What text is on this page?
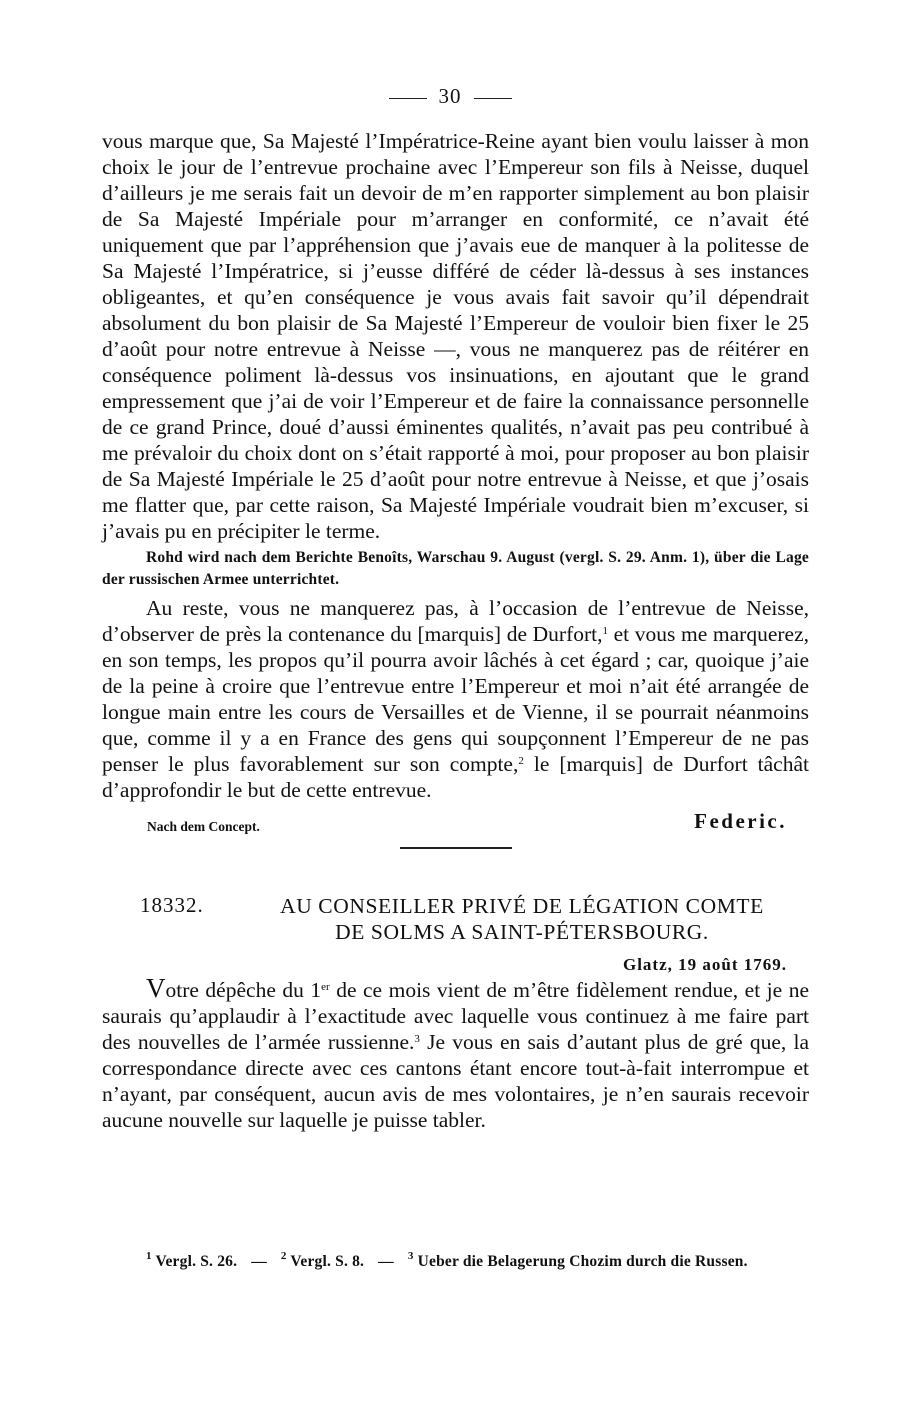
30

vous marque que, Sa Majesté l’Impératrice-Reine ayant bien voulu laisser à mon choix le jour de l’entrevue prochaine avec l’Empereur son fils à Neisse, duquel d’ailleurs je me serais fait un devoir de m’en rapporter simplement au bon plaisir de Sa Majesté Impériale pour m’arranger en conformité, ce n’avait été uniquement que par l’appréhension que j’avais eue de manquer à la politesse de Sa Majesté l’Impératrice, si j’eusse différé de céder là-dessus à ses instances obligeantes, et qu’en conséquence je vous avais fait savoir qu’il dépendrait absolument du bon plaisir de Sa Majesté l’Empereur de vouloir bien fixer le 25 d’août pour notre entrevue à Neisse —, vous ne manquerez pas de réitérer en conséquence poliment là-dessus vos insinuations, en ajoutant que le grand empressement que j’ai de voir l’Empereur et de faire la connaissance personnelle de ce grand Prince, doué d’aussi éminentes qualités, n’avait pas peu contribué à me prévaloir du choix dont on s’était rapporté à moi, pour proposer au bon plaisir de Sa Majesté Impériale le 25 d’août pour notre entrevue à Neisse, et que j’osais me flatter que, par cette raison, Sa Majesté Impériale voudrait bien m’excuser, si j’avais pu en précipiter le terme.

Rohd wird nach dem Berichte Benoîts, Warschau 9. August (vergl. S. 29. Anm. 1), über die Lage der russischen Armee unterrichtet.

Au reste, vous ne manquerez pas, à l’occasion de l’entrevue de Neisse, d’observer de près la contenance du [marquis] de Durfort,$^1$ et vous me marquerez, en son temps, les propos qu’il pourra avoir lâchés à cet égard ; car, quoique j’aie de la peine à croire que l’entrevue entre l’Empereur et moi n’ait été arrangée de longue main entre les cours de Versailles et de Vienne, il se pourrait néanmoins que, comme il y a en France des gens qui soupçonnent l’Empereur de ne pas penser le plus favorablement sur son compte,$^2$ le [marquis] de Durfort tâchât d’approfondir le but de cette entrevue.

Nach dem Concept.	Federic.
18332.	AU CONSEILLER PRIVÉ DE LÉGATION COMTE
DE SOLMS A SAINT-PÉTERSBOURG.
Glatz, 19 août 1769.

Votre dépêche du 1er de ce mois vient de m’être fidèlement rendue, et je ne saurais qu’applaudir à l’exactitude avec laquelle vous continuez à me faire part des nouvelles de l’armée russienne.$^3$ Je vous en sais d’autant plus de gré que, la correspondance directe avec ces cantons étant encore tout-à-fait interrompue et n’ayant, par conséquent, aucun avis de mes volontaires, je n’en saurais recevoir aucune nouvelle sur laquelle je puisse tabler.

$^1$ Vergl. S. 26. — $^2$ Vergl. S. 8. — $^3$ Ueber die Belagerung Chozim durch die Russen.
